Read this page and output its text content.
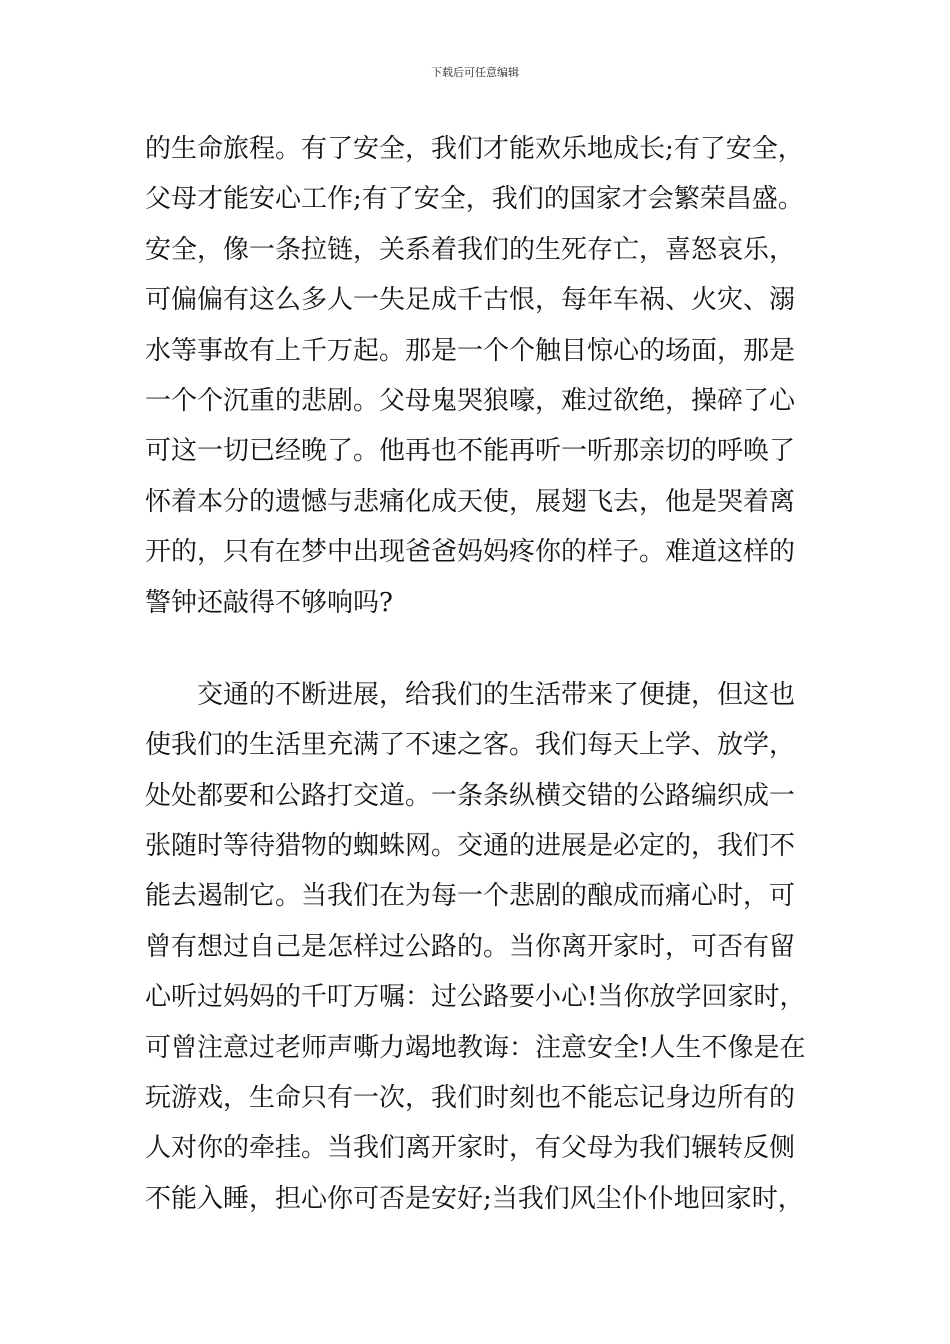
下载后可任意编辑
的生命旅程。有了安全，我们才能欢乐地成长;有了安全，
父母才能安心工作;有了安全，我们的国家才会繁荣昌盛。
安全，像一条拉链，关系着我们的生死存亡，喜怒哀乐，
可偏偏有这么多人一失足成千古恨，每年车祸、火灾、溺
水等事故有上千万起。那是一个个触目惊心的场面，那是
一个个沉重的悲剧。父母鬼哭狼嚎，难过欲绝，操碎了心
可这一切已经晚了。他再也不能再听一听那亲切的呼唤了
怀着本分的遗憾与悲痛化成天使，展翅飞去，他是哭着离
开的，只有在梦中出现爸爸妈妈疼你的样子。难道这样的
警钟还敲得不够响吗?
　　交通的不断进展，给我们的生活带来了便捷，但这也
使我们的生活里充满了不速之客。我们每天上学、放学，
处处都要和公路打交道。一条条纵横交错的公路编织成一
张随时等待猎物的蜘蛛网。交通的进展是必定的，我们不
能去遏制它。当我们在为每一个悲剧的酿成而痛心时，可
曾有想过自己是怎样过公路的。当你离开家时，可否有留
心听过妈妈的千叮万嘱：过公路要小心!当你放学回家时，
可曾注意过老师声嘶力竭地教诲：注意安全!人生不像是在
玩游戏，生命只有一次，我们时刻也不能忘记身边所有的
人对你的牵挂。当我们离开家时，有父母为我们辗转反侧
不能入睡，担心你可否是安好;当我们风尘仆仆地回家时，
